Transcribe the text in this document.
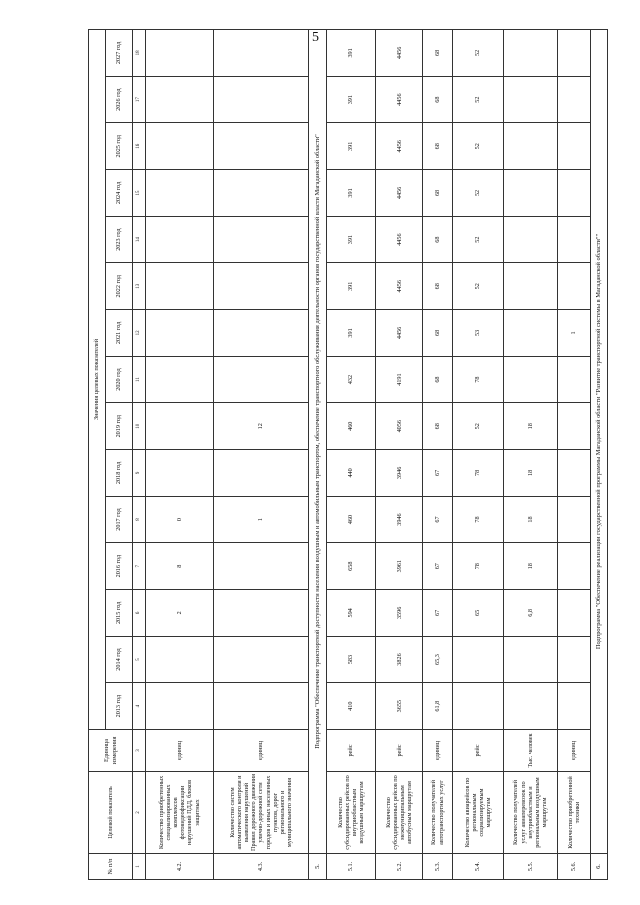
5
№ п/п	Целевой показатель	Единица измерения	Значения целевых показателей														
			2013 год	2014 год	2015 год	2016 год	2017 год	2018 год	2019 год	2020 год	2021 год	2022 год	2023 год	2024 год	2025 год	2026 год	2027 год
1	2	3	4	5	6	7	8	9	10	11	12	13	14	15	16	17	18
4.2.	Количество приобретенных специализированных комплексов фотовидеофиксации нарушений ПДД, блоков защитных	единиц			2	8	0										
4.3.	Количество систем автоматического контроля и выявления нарушений Правил дорожного движения улично-дорожной сети городов и иных населенных пунктов, дорог регионального и муниципального значения	единиц					1		12								
5.	Подпрограмма "Обеспечение транспортной доступности населения воздушным и автомобильным транспортом, обеспечение транспортного обслуживания деятельности органов государственной власти Магаданской области"																
5.1.	Количество субсидированных рейсов по внутриобластным воздушным маршрутам	рейс	410	583	594	658	460	440	460	432	391	391	391	391	391	391	391
5.2.	Количество субсидированных рейсов по межмуниципальным автобусным маршрутам	рейс	3655	3826	3596	3961	3946	3946	4056	4191	4456	4456	4456	4456	4456	4456	4456
5.3.	Количество получателей автотранспортных услуг	единиц	61,8	65,3	67	67	67	67	68	68	68	68	68	68	68	68	68
5.4.	Количество авиарейсов по региональным социализируемым маршрутам	рейс			65	78	78	78	52	78	53	52	52	52	52	52	52
5.5.	Количество получателей услуг авиаперевозок по внутриобластным и региональным воздушным маршрутам	Тыс. человек			6,8	18	18	18	18								
5.6.	Количество приобретенной техники	единиц									1						
6.	Подпрограмма "Обеспечение реализации государственной программы Магаданской области "Развитие транспортной системы в Магаданской области""																
